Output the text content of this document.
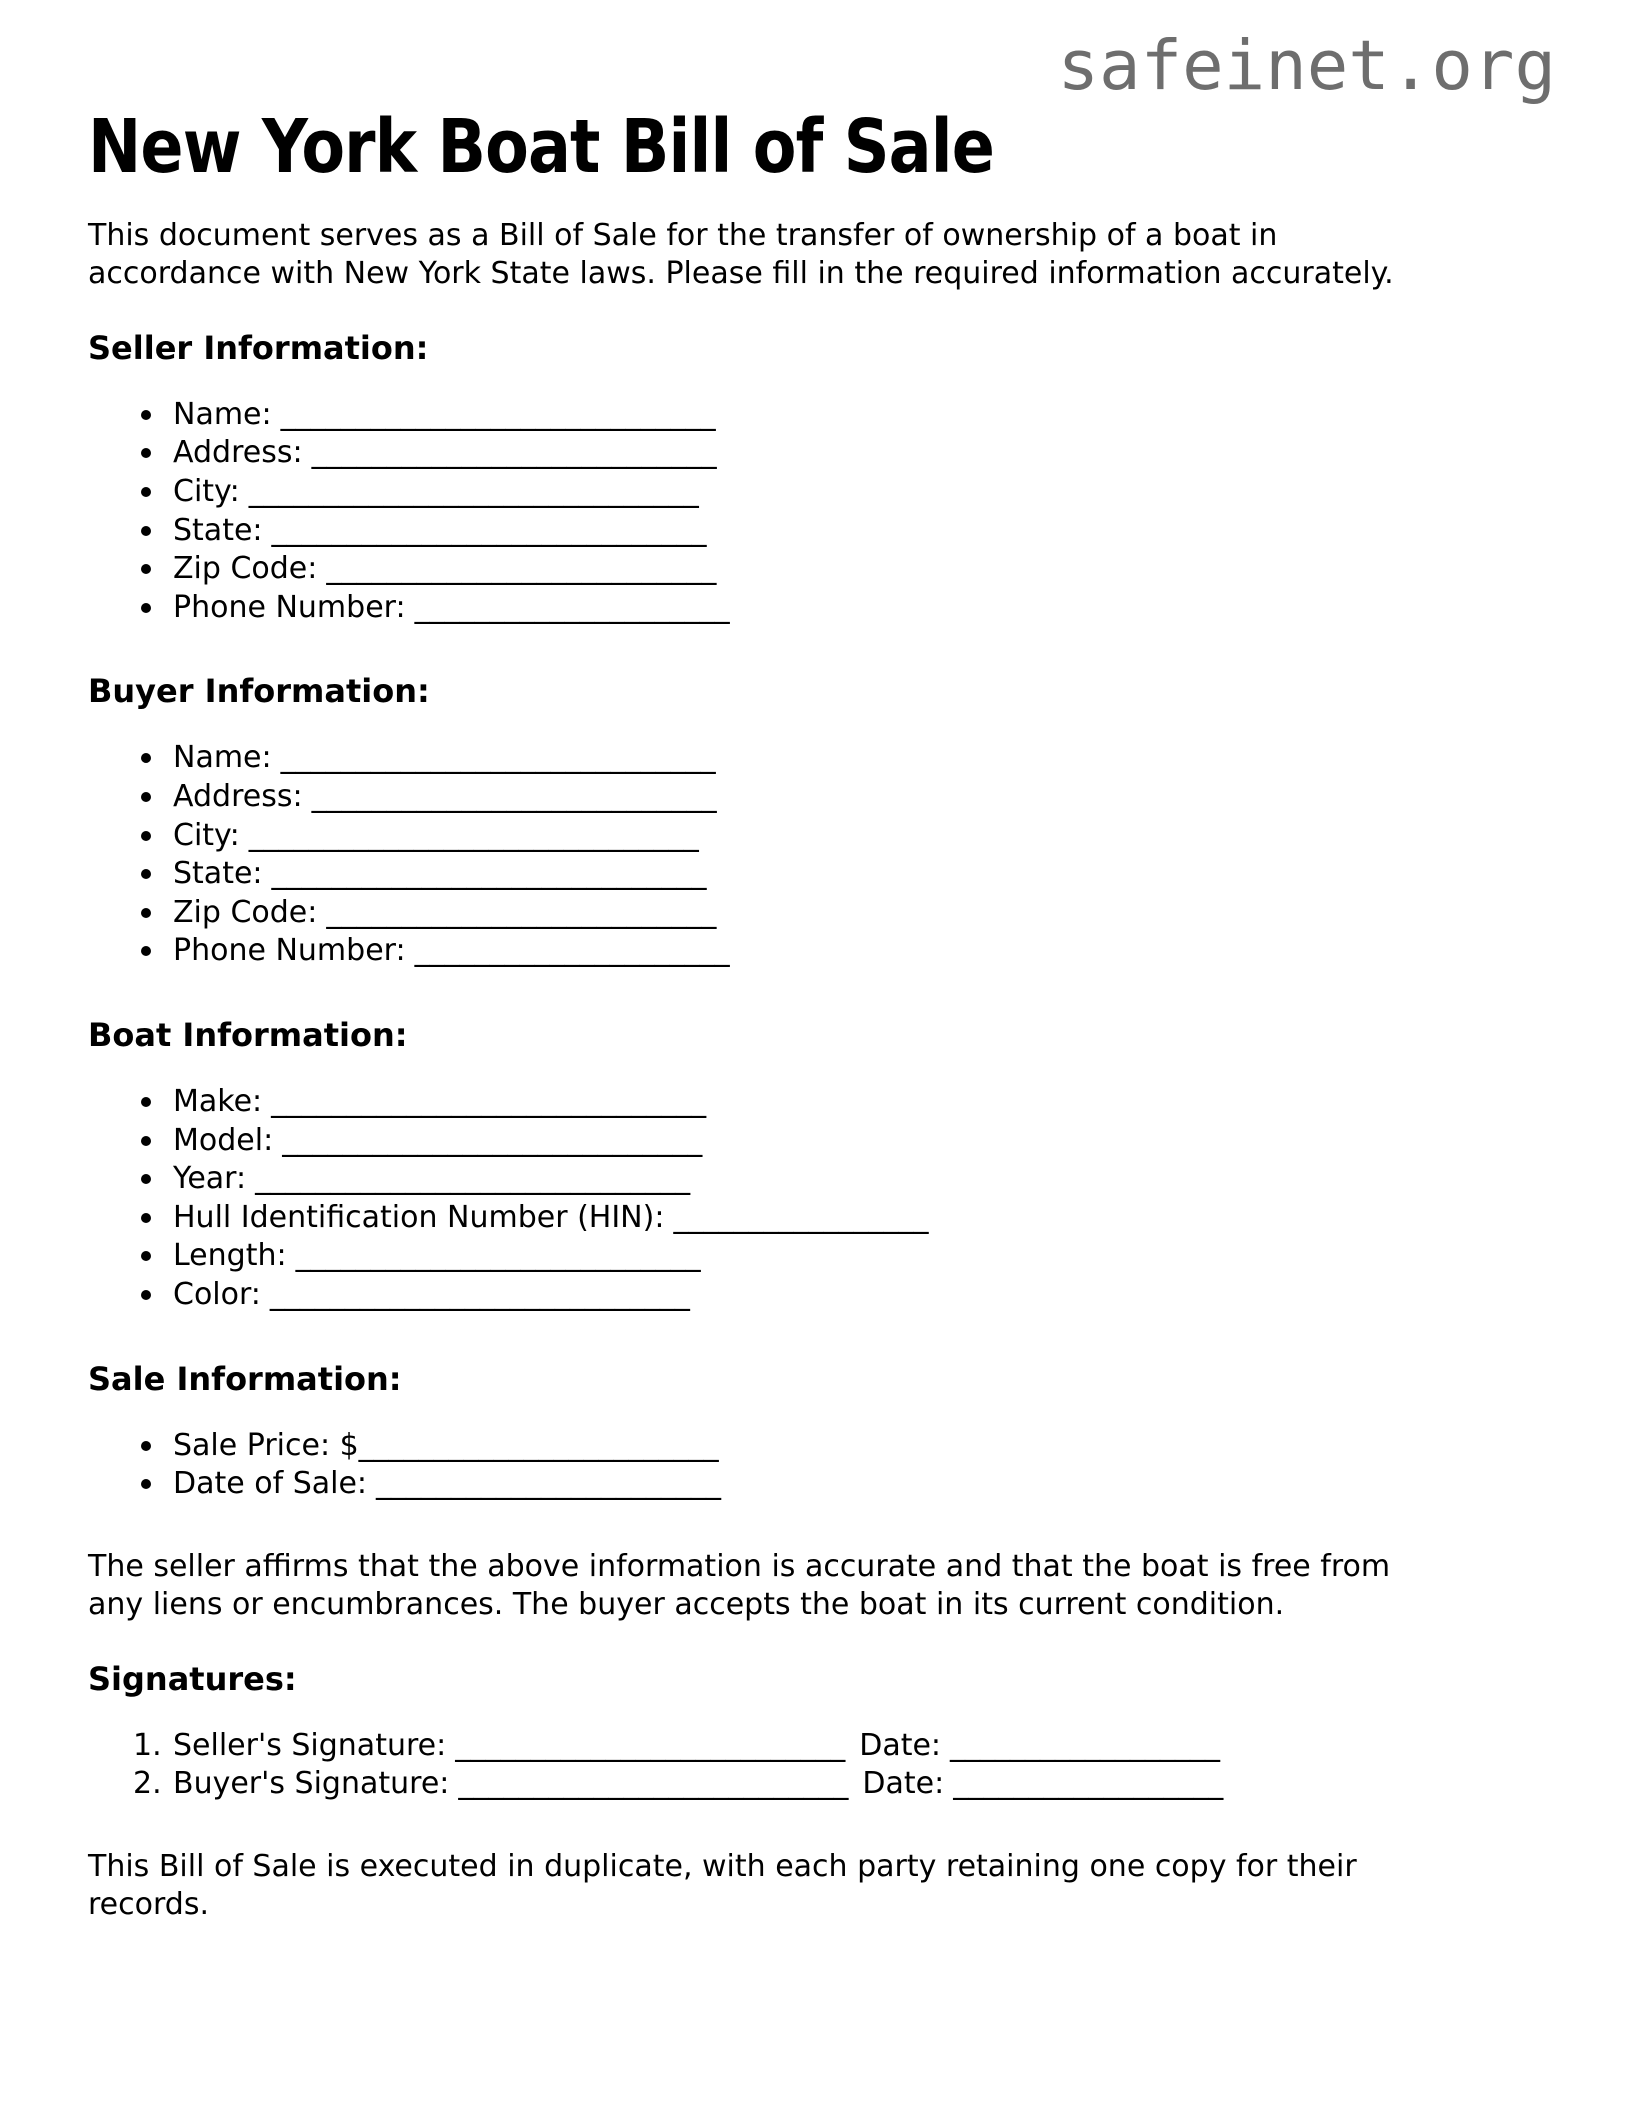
safeinet.org
New York Boat Bill of Sale

This document serves as a Bill of Sale for the transfer of ownership of a boat in
accordance with New York State laws. Please fill in the required information accurately.

Seller Information:
Name: _____________________________
Address: ___________________________
City: ______________________________
State: _____________________________
Zip Code: __________________________
Phone Number: _____________________
Buyer Information:
Name: _____________________________
Address: ___________________________
City: ______________________________
State: _____________________________
Zip Code: __________________________
Phone Number: _____________________
Boat Information:
Make: _____________________________
Model: ____________________________
Year: _____________________________
Hull Identification Number (HIN): _________________
Length: ___________________________
Color: ____________________________
Sale Information:
Sale Price: $________________________
Date of Sale: _______________________

The seller affirms that the above information is accurate and that the boat is free from
any liens or encumbrances. The buyer accepts the boat in its current condition.

Signatures:
1. Seller's Signature: __________________________ Date: __________________
2. Buyer's Signature: __________________________ Date: __________________

This Bill of Sale is executed in duplicate, with each party retaining one copy for their
records.
